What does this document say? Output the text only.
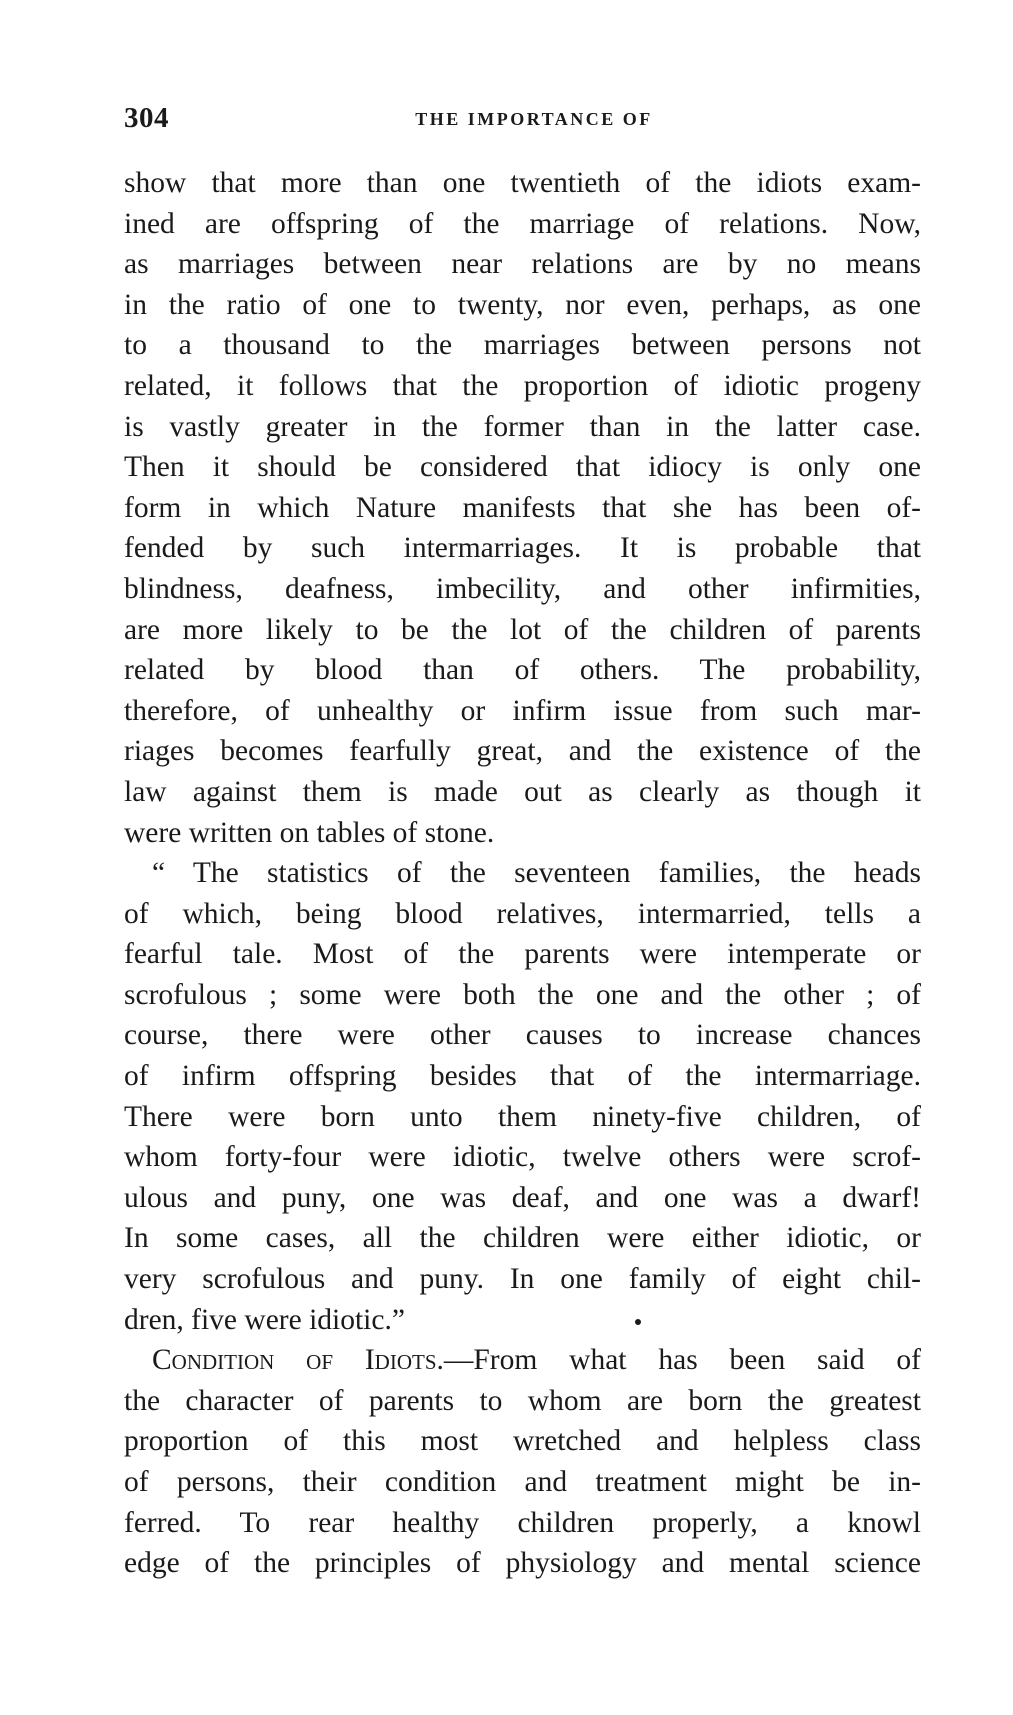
304	THE IMPORTANCE OF
show that more than one twentieth of the idiots exam-
ined are offspring of the marriage of relations. Now,
as marriages between near relations are by no means
in the ratio of one to twenty, nor even, perhaps, as one
to a thousand to the marriages between persons not
related, it follows that the proportion of idiotic progeny
is vastly greater in the former than in the latter case.
Then it should be considered that idiocy is only one
form in which Nature manifests that she has been of-
fended by such intermarriages. It is probable that
blindness, deafness, imbecility, and other infirmities,
are more likely to be the lot of the children of parents
related by blood than of others. The probability,
therefore, of unhealthy or infirm issue from such mar-
riages becomes fearfully great, and the existence of the
law against them is made out as clearly as though it
were written on tables of stone.
“ The statistics of the seventeen families, the heads
of which, being blood relatives, intermarried, tells a
fearful tale. Most of the parents were intemperate or
scrofulous ; some were both the one and the other ; of
course, there were other causes to increase chances
of infirm offspring besides that of the intermarriage.
There were born unto them ninety-five children, of
whom forty-four were idiotic, twelve others were scrof-
ulous and puny, one was deaf, and one was a dwarf!
In some cases, all the children were either idiotic, or
very scrofulous and puny. In one family of eight chil-
dren, five were idiotic.”
Condition of Idiots.—From what has been said of
the character of parents to whom are born the greatest
proportion of this most wretched and helpless class
of persons, their condition and treatment might be in-
ferred. To rear healthy children properly, a knowl
edge of the principles of physiology and mental science
